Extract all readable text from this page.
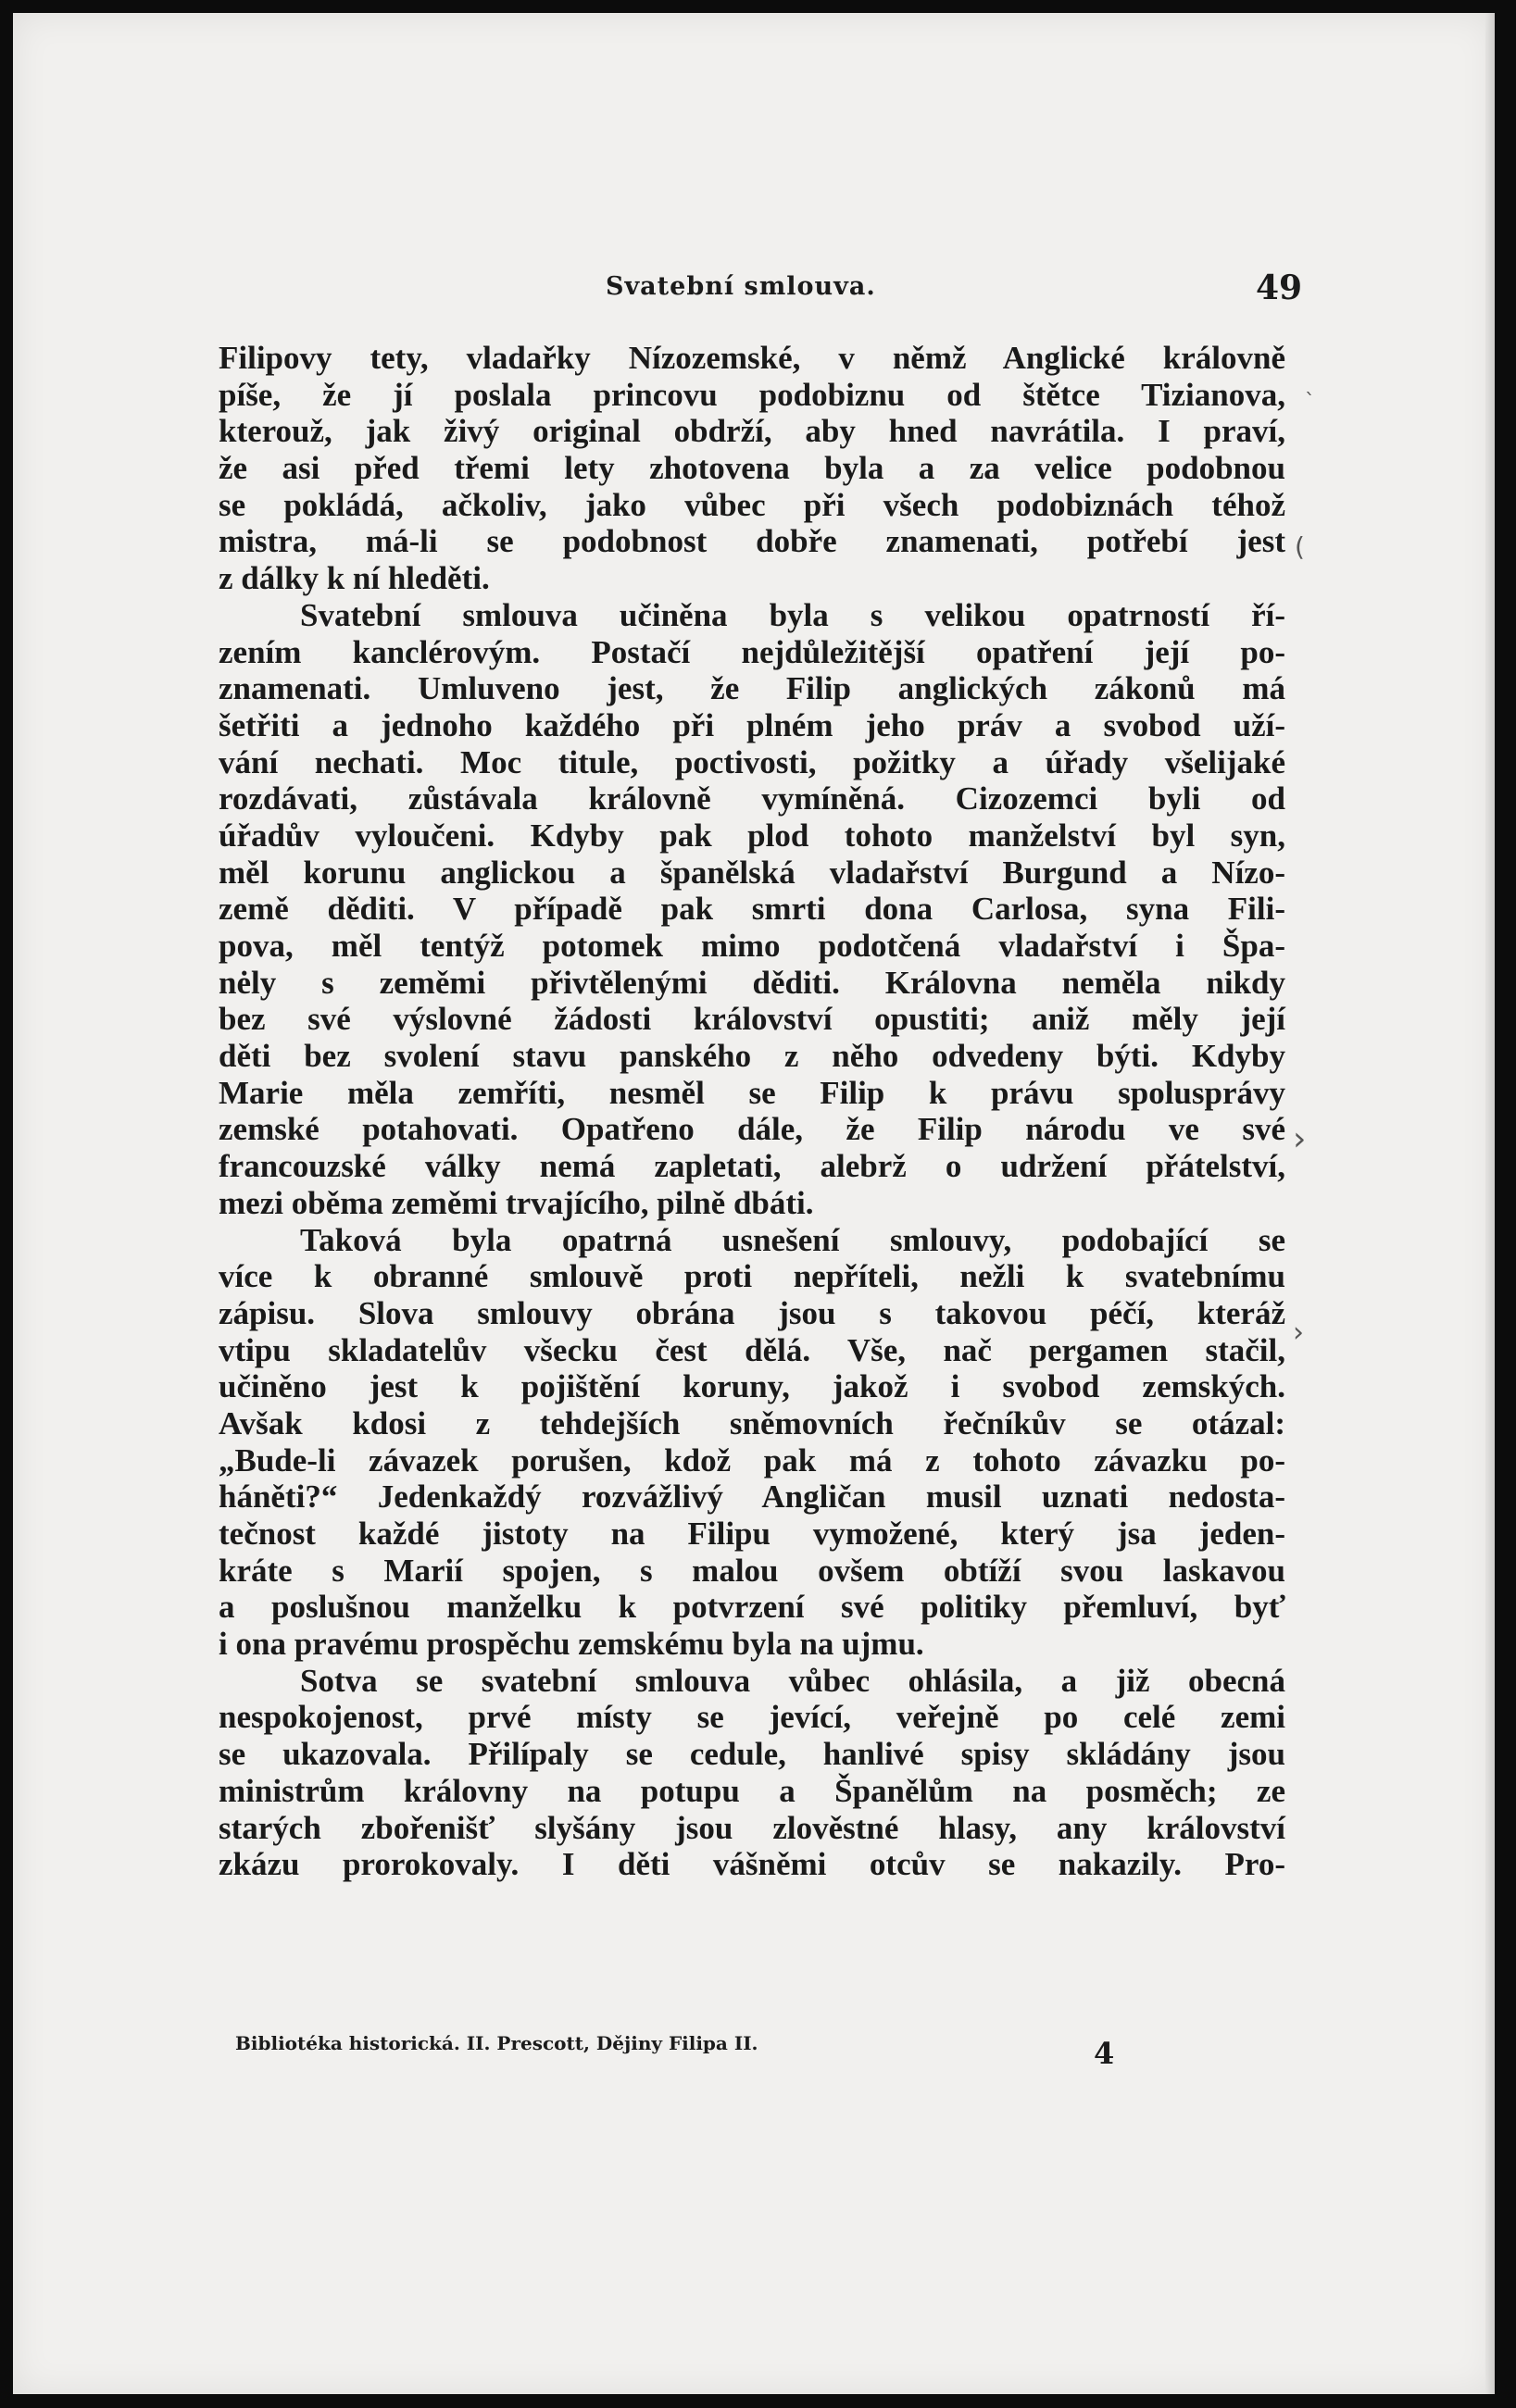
Svatební smlouva.	49
Filipovy tety, vladařky Nízozemské, v němž Anglické královně
píše, že jí poslala princovu podobiznu od štětce Tizianova,
kterouž, jak živý original obdrží, aby hned navrátila. I praví,
že asi před třemi lety zhotovena byla a za velice podobnou
se pokládá, ačkoliv, jako vůbec při všech podobiznách téhož
mistra, má-li se podobnost dobře znamenati, potřebí jest
z dálky k ní hleděti.
Svatební smlouva učiněna byla s velikou opatrností ří-
zením kanclérovým. Postačí nejdůležitější opatření její po-
znamenati. Umluveno jest, že Filip anglických zákonů má
šetřiti a jednoho každého při plném jeho práv a svobod uží-
vání nechati. Moc titule, poctivosti, požitky a úřady všelijaké
rozdávati, zůstávala královně vymíněná. Cizozemci byli od
úřadův vyloučeni. Kdyby pak plod tohoto manželství byl syn,
měl korunu anglickou a španělská vladařství Burgund a Nízo-
země děditi. V případě pak smrti dona Carlosa, syna Fili-
pova, měl tentýž potomek mimo podotčená vladařství i Špa-
nėly s zeměmi přivtělenými děditi. Královna neměla nikdy
bez své výslovné žádosti království opustiti; aniž měly její
děti bez svolení stavu panského z něho odvedeny býti. Kdyby
Marie měla zemříti, nesměl se Filip k právu spolusprávy
zemské potahovati. Opatřeno dále, že Filip národu ve své
francouzské války nemá zapletati, alebrž o udržení přátelství,
mezi oběma zeměmi trvajícího, pilně dbáti.
Taková byla opatrná usnešení smlouvy, podobající se
více k obranné smlouvě proti nepříteli, nežli k svatebnímu
zápisu. Slova smlouvy obrána jsou s takovou péčí, kteráž
vtipu skladatelův všecku čest dělá. Vše, nač pergamen stačil,
učiněno jest k pojištění koruny, jakož i svobod zemských.
Avšak kdosi z tehdejších sněmovních řečníkův se otázal:
„Bude-li závazek porušen, kdož pak má z tohoto závazku po-
háněti?“ Jedenkaždý rozvážlivý Angličan musil uznati nedosta-
tečnost každé jistoty na Filipu vymožené, který jsa jeden-
kráte s Marií spojen, s malou ovšem obtíží svou laskavou
a poslušnou manželku k potvrzení své politiky přemluví, byť
i ona pravému prospěchu zemskému byla na ujmu.
Sotva se svatební smlouva vůbec ohlásila, a již obecná
nespokojenost, prvé místy se jevící, veřejně po celé zemi
se ukazovala. Přilípaly se cedule, hanlivé spisy skládány jsou
ministrům královny na potupu a Španělům na posměch; ze
starých zbořenišť slyšány jsou zlověstné hlasy, any království
zkázu prorokovaly. I děti vášněmi otcův se nakazily. Pro-
Bibliotéka historická. II. Prescott, Dějiny Filipa II.	4
`
(
›
›
